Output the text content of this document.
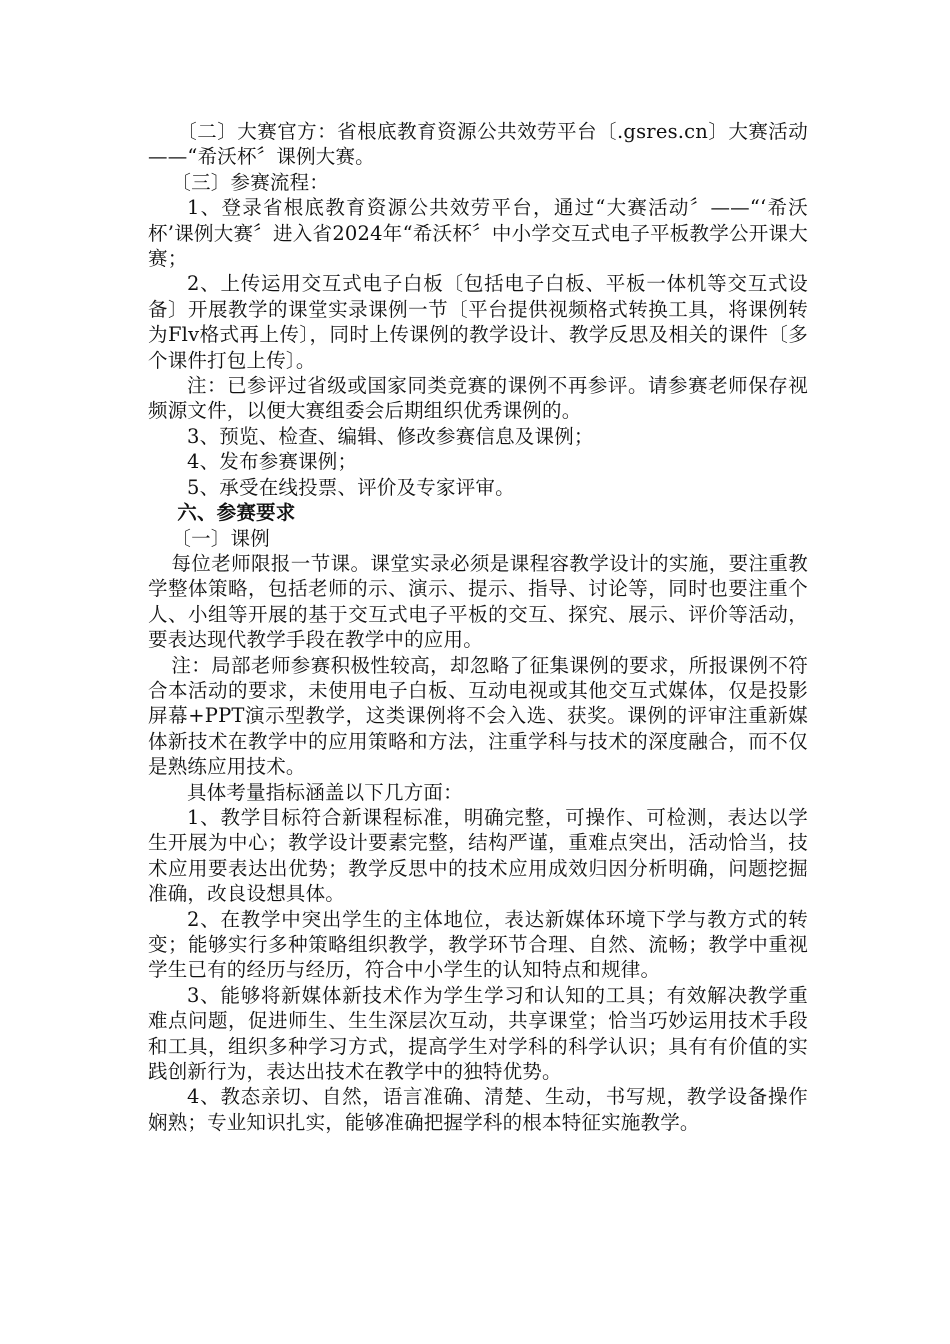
〔二〕大赛官方：省根底教育资源公共效劳平台〔.gsres.cn〕大赛活动——“希沃杯〞课例大赛。

〔三〕参赛流程：

1、登录省根底教育资源公共效劳平台，通过“大赛活动〞——“‘希沃杯’课例大赛〞进入省2024年“希沃杯〞中小学交互式电子平板教学公开课大赛；

2、上传运用交互式电子白板〔包括电子白板、平板一体机等交互式设备〕开展教学的课堂实录课例一节〔平台提供视频格式转换工具，将课例转为Flv格式再上传〕，同时上传课例的教学设计、教学反思及相关的课件〔多个课件打包上传〕。

注：已参评过省级或国家同类竞赛的课例不再参评。请参赛老师保存视频源文件，以便大赛组委会后期组织优秀课例的。

3、预览、检查、编辑、修改参赛信息及课例；

4、发布参赛课例；

5、承受在线投票、评价及专家评审。

六、参赛要求

〔一〕课例

每位老师限报一节课。课堂实录必须是课程容教学设计的实施，要注重教学整体策略，包括老师的示、演示、提示、指导、讨论等，同时也要注重个人、小组等开展的基于交互式电子平板的交互、探究、展示、评价等活动，要表达现代教学手段在教学中的应用。

注：局部老师参赛积极性较高，却忽略了征集课例的要求，所报课例不符合本活动的要求，未使用电子白板、互动电视或其他交互式媒体，仅是投影屏幕+PPT演示型教学，这类课例将不会入选、获奖。课例的评审注重新媒体新技术在教学中的应用策略和方法，注重学科与技术的深度融合，而不仅是熟练应用技术。

具体考量指标涵盖以下几方面：

1、教学目标符合新课程标准，明确完整，可操作、可检测，表达以学生开展为中心；教学设计要素完整，结构严谨，重难点突出，活动恰当，技术应用要表达出优势；教学反思中的技术应用成效归因分析明确，问题挖掘准确，改良设想具体。

2、在教学中突出学生的主体地位，表达新媒体环境下学与教方式的转变；能够实行多种策略组织教学，教学环节合理、自然、流畅；教学中重视学生已有的经历与经历，符合中小学生的认知特点和规律。

3、能够将新媒体新技术作为学生学习和认知的工具；有效解决教学重难点问题，促进师生、生生深层次互动，共享课堂；恰当巧妙运用技术手段和工具，组织多种学习方式，提高学生对学科的科学认识；具有有价值的实践创新行为，表达出技术在教学中的独特优势。

4、教态亲切、自然，语言准确、清楚、生动，书写规，教学设备操作娴熟；专业知识扎实，能够准确把握学科的根本特征实施教学。
